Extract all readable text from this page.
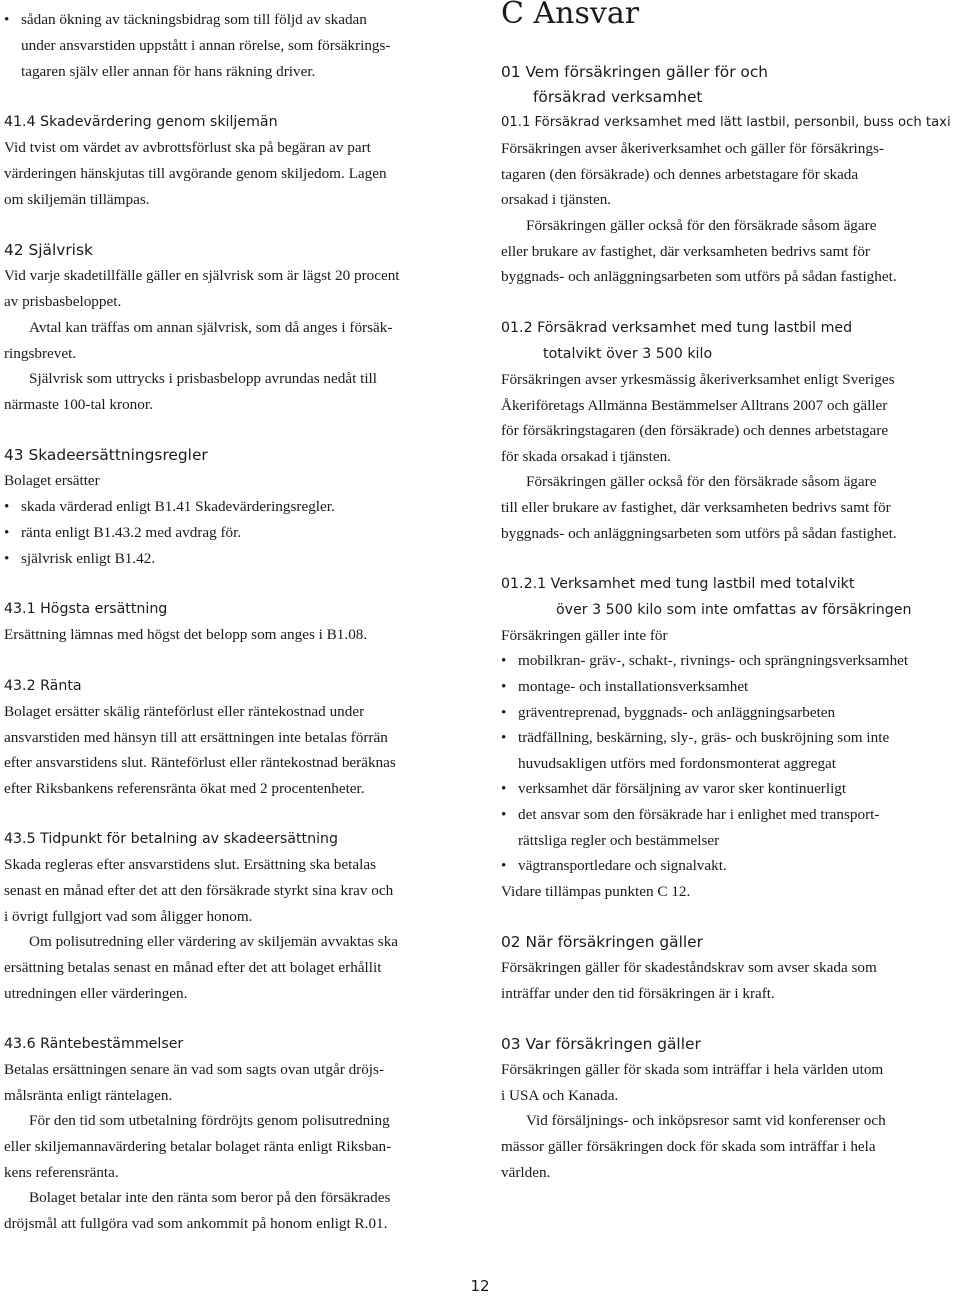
• sådan ökning av täckningsbidrag som till följd av skadan
under ansvarstiden uppstått i annan rörelse, som försäkrings-
tagaren själv eller annan för hans räkning driver.
41.4 Skadevärdering genom skiljemän
Vid tvist om värdet av avbrottsförlust ska på begäran av part
värderingen hänskjutas till avgörande genom skiljedom. Lagen
om skiljemän tillämpas.
42 Självrisk
Vid varje skadetillfälle gäller en självrisk som är lägst 20 procent
av prisbasbeloppet.
Avtal kan träffas om annan självrisk, som då anges i försäk-
ringsbrevet.
Självrisk som uttrycks i prisbasbelopp avrundas nedåt till
närmaste 100-tal kronor.
43 Skadeersättningsregler
Bolaget ersätter
• skada värderad enligt B1.41 Skadevärderingsregler.
• ränta enligt B1.43.2 med avdrag för.
• självrisk enligt B1.42.
43.1 Högsta ersättning
Ersättning lämnas med högst det belopp som anges i B1.08.
43.2 Ränta
Bolaget ersätter skälig ränteförlust eller räntekostnad under
ansvarstiden med hänsyn till att ersättningen inte betalas förrän
efter ansvarstidens slut. Ränteförlust eller räntekostnad beräknas
efter Riksbankens referensränta ökat med 2 procentenheter.
43.5 Tidpunkt för betalning av skadeersättning
Skada regleras efter ansvarstidens slut. Ersättning ska betalas
senast en månad efter det att den försäkrade styrkt sina krav och
i övrigt fullgjort vad som åligger honom.
Om polisutredning eller värdering av skiljemän avvaktas ska
ersättning betalas senast en månad efter det att bolaget erhållit
utredningen eller värderingen.
43.6 Räntebestämmelser
Betalas ersättningen senare än vad som sagts ovan utgår dröjs-
målsränta enligt räntelagen.
För den tid som utbetalning fördröjts genom polisutredning
eller skiljemannavärdering betalar bolaget ränta enligt Riksban-
kens referensränta.
Bolaget betalar inte den ränta som beror på den försäkrades
dröjsmål att fullgöra vad som ankommit på honom enligt R.01.
C Ansvar
01 Vem försäkringen gäller för och
försäkrad verksamhet
01.1 Försäkrad verksamhet med lätt lastbil, personbil, buss och taxi
Försäkringen avser åkeriverksamhet och gäller för försäkrings-
tagaren (den försäkrade) och dennes arbetstagare för skada
orsakad i tjänsten.
Försäkringen gäller också för den försäkrade såsom ägare
eller brukare av fastighet, där verksamheten bedrivs samt för
byggnads- och anläggningsarbeten som utförs på sådan fastighet.
01.2 Försäkrad verksamhet med tung lastbil med
totalvikt över 3 500 kilo
Försäkringen avser yrkesmässig åkeriverksamhet enligt Sveriges
Åkeriföretags Allmänna Bestämmelser Alltrans 2007 och gäller
för försäkringstagaren (den försäkrade) och dennes arbetstagare
för skada orsakad i tjänsten.
Försäkringen gäller också för den försäkrade såsom ägare
till eller brukare av fastighet, där verksamheten bedrivs samt för
byggnads- och anläggningsarbeten som utförs på sådan fastighet.
01.2.1 Verksamhet med tung lastbil med totalvikt
över 3 500 kilo som inte omfattas av försäkringen
Försäkringen gäller inte för
• mobilkran- gräv-, schakt-, rivnings- och sprängningsverksamhet
• montage- och installationsverksamhet
• gräventreprenad, byggnads- och anläggningsarbeten
• trädfällning, beskärning, sly-, gräs- och buskröjning som inte
huvudsakligen utförs med fordonsmonterat aggregat
• verksamhet där försäljning av varor sker kontinuerligt
• det ansvar som den försäkrade har i enlighet med transport-
rättsliga regler och bestämmelser
• vägtransportledare och signalvakt.
Vidare tillämpas punkten C 12.
02 När försäkringen gäller
Försäkringen gäller för skadeståndskrav som avser skada som
inträffar under den tid försäkringen är i kraft.
03 Var försäkringen gäller
Försäkringen gäller för skada som inträffar i hela världen utom
i USA och Kanada.
Vid försäljnings- och inköpsresor samt vid konferenser och
mässor gäller försäkringen dock för skada som inträffar i hela
världen.
12
